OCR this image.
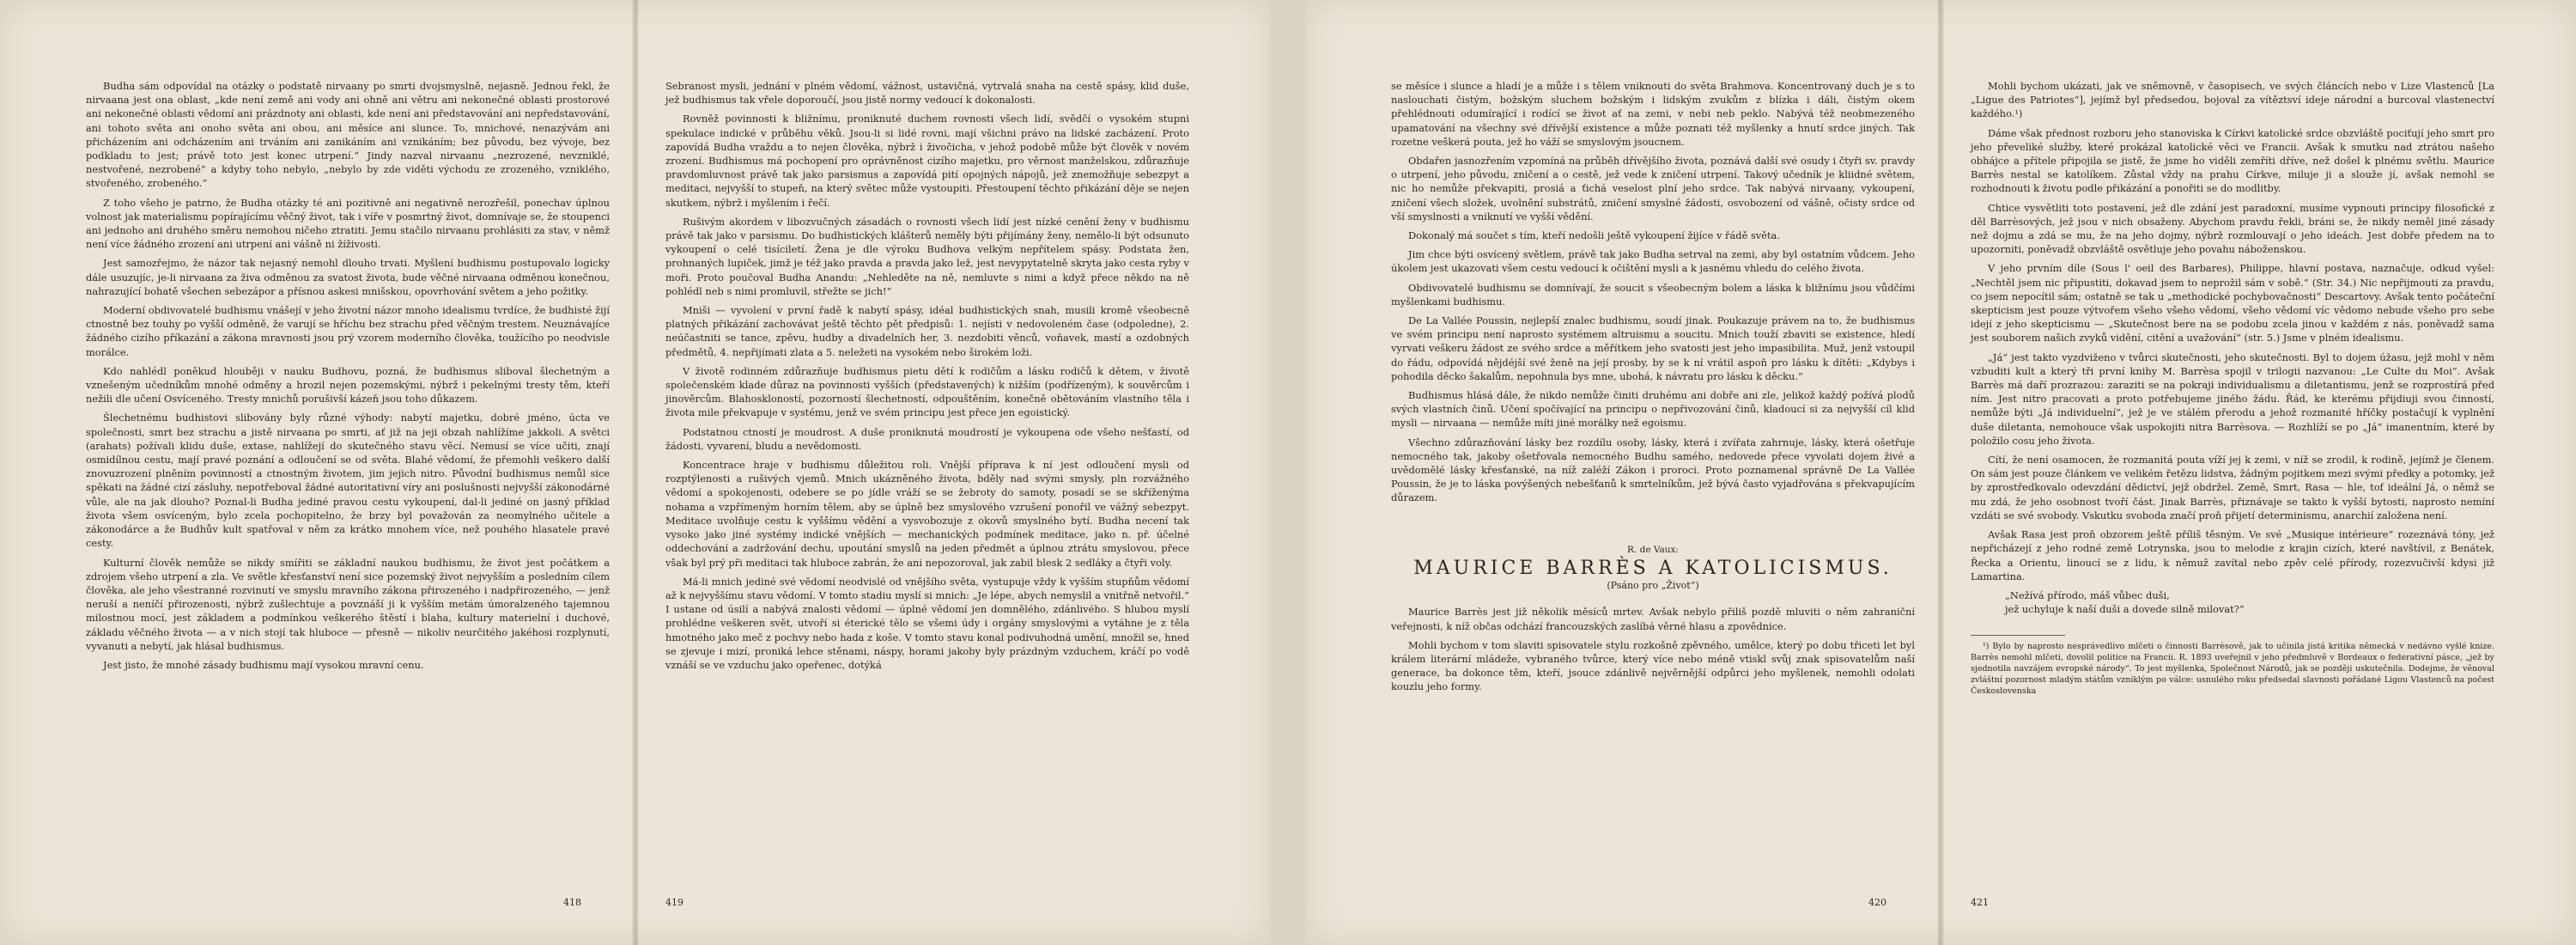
Budha sám odpovídal na otázky o podstatě nirvaany po smrti dvojsmyslně, nejasně. Jednou řekl, že nirvaana jest ona oblast, „kde není země ani vody ani ohně ani větru ani nekonečné oblasti prostorové ani nekonečné oblasti vědomí ani prázdnoty ani oblasti, kde není ani představování ani nepředstavování, ani tohoto světa ani onoho světa ani obou, ani měsíce ani slunce. To, mnichové, nenazývám ani přicházením ani odcházením ani trváním ani zanikáním ani vznikáním; bez původu, bez vývoje, bez podkladu to jest; právě toto jest konec utrpení.“ Jindy nazval nirvaanu „nezrozené, nevzniklé, nestvořené, nezrobené“ a kdyby toho nebylo, „nebylo by zde viděti východu ze zrozeného, vzniklého, stvořeného, zrobeného.“

Z toho všeho je patrno, že Budha otázky té ani pozitivně ani negativně nerozřešil, ponechav úplnou volnost jak materialismu popírajícímu věčný život, tak i víře v posmrtný život, domnívaje se, že stoupenci ani jednoho ani druhého směru nemohou ničeho ztratiti. Jemu stačilo nirvaanu prohlásiti za stav, v němž není více žádného zrození ani utrpení ani vášně ni žíživosti.

Jest samozřejmo, že názor tak nejasný nemohl dlouho trvati. Myšlení budhismu postupovalo logicky dále usuzujíc, je-li nirvaana za živa odměnou za svatost života, bude věčné nirvaana odměnou konečnou, nahrazující bohatě všechen sebezápor a přísnou askesi mnišskou, opovrhování světem a jeho požitky.

Moderní obdivovatelé budhismu vnášejí v jeho životní názor mnoho idealismu tvrdíce, že budhisté žijí ctnostně bez touhy po vyšší odměně, že varují se hříchu bez strachu před věčným trestem. Neuznávajíce žádného cizího příkazání a zákona mravnosti jsou prý vzorem moderního člověka, toužícího po neodvisle morálce.

Kdo nahlédl poněkud hlouběji v nauku Budhovu, pozná, že budhismus sliboval šlechetným a vznešeným učedníkům mnohé odměny a hrozil nejen pozemskými, nýbrž i pekelnými tresty těm, kteří nežili dle učení Osvíceného. Tresty mnichů porušivší kázeň jsou toho důkazem.

Šlechetnému budhistovi slibovány byly různé výhody: nabytí majetku, dobré jméno, úcta ve společnosti, smrt bez strachu a jistě nirvaana po smrti, ať již na jeji obzah nahlížíme jakkoli. A světci (arahats) požívali klidu duše, extase, nahlížejí do skutečného stavu věcí. Nemusí se více učiti, znají osmidílnou cestu, mají pravé poznání a odloučení se od světa. Blahé vědomí, že přemohli veškero další znovuzrození plněním povinností a ctnostným životem, jim jejich nitro. Původní budhismus nemůl sice spěkati na žádné cizí zásluhy, nepotřeboval žádné autoritativní víry ani poslušnosti nejvyšší zákonodárné vůle, ale na jak dlouho? Poznal-li Budha jediné pravou cestu vykoupení, dal-li jediné on jasný příklad života všem osvíceným, bylo zcela pochopitelno, že brzy byl považován za neomylného učitele a zákonodárce a že Budhův kult spatřoval v něm za krátko mnohem více, než pouhého hlasatele pravé cesty.

Kulturní člověk nemůže se nikdy smířiti se základní naukou budhismu, že život jest počátkem a zdrojem všeho utrpení a zla. Ve světle křesťanství není sice pozemský život nejvyšším a posledním cílem člověka, ale jeho všestranné rozvinutí ve smyslu mravního zákona přirozeného i nadpřirozeného, — jenž neruší a neníčí přirozenosti, nýbrž zušlechtuje a povznáší ji k vyšším metám úmoralzeného tajemnou milostnou mocí, jest základem a podmínkou veškerého štěstí i blaha, kultury materielní i duchové, základu věčného života — a v nich stojí tak hluboce — přesně — nikoliv neurčitého jakéhosi rozplynutí, vyvanuti a nebytí, jak hlásal budhismus.

Jest jisto, že mnohé zásady budhismu mají vysokou mravní cenu.

418

Sebranost mysli, jednání v plném vědomí, vážnost, ustavičná, vytrvalá snaha na cestě spásy, klid duše, jež budhismus tak vřele doporoučí, jsou jistě normy vedoucí k dokonalosti.

Rovněž povinnosti k bližnímu, proniknuté duchem rovnosti všech lidí, svědčí o vysokém stupni spekulace indické v průběhu věků. Jsou-li si lidé rovni, mají všichni právo na lidské zacházení. Proto zapovídá Budha vraždu a to nejen člověka, nýbrž i živočicha, v jehož podobě může být člověk v novém zrození. Budhismus má pochopení pro oprávněnost cizího majetku, pro věrnost manželskou, zdůrazňuje pravdomluvnost právě tak jako parsismus a zapovídá pití opojných nápojů, jež znemožňuje sebezpyt a meditaci, nejvyšší to stupeň, na který světec může vystoupiti. Přestoupení těchto přikázání děje se nejen skutkem, nýbrž i myšlením i řečí.

Rušivým akordem v libozvučných zásadách o rovnosti všech lidí jest nízké cenění ženy v budhismu právě tak jako v parsismu. Do budhistických klášterů neměly býti přijímány ženy, nemělo-li být odsunuto vykoupení o celé tisíciletí. Žena je dle výroku Budhova velkým nepřítelem spásy. Podstata žen, prohnaných lupiček, jimž je též jako pravda a pravda jako lež, jest nevypytatelně skryta jako cesta ryby v moři. Proto poučoval Budha Anandu: „Nehleděte na ně, nemluvte s nimi a když přece někdo na ně pohlédl neb s nimi promluvil, střežte se jich!“

Mniši — vyvolení v první řadě k nabytí spásy, idéal budhistických snah, musili kromě všeobecně platných přikázání zachovávat ještě těchto pět předpisů: 1. nejísti v nedovoleném čase (odpoledne), 2. neúčastniti se tance, zpěvu, hudby a divadelních her, 3. nezdobiti věnců, voňavek, mastí a ozdobných předmětů, 4. nepřijímati zlata a 5. neležeti na vysokém nebo širokém loži.

V životě rodinném zdůrazňuje budhismus pietu dětí k rodičům a lásku rodičů k dětem, v životě společenském klade důraz na povinnosti vyšších (představených) k nižším (podřízeným), k souvěrcům i jinověrcům. Blahoskloností, pozorností šlechetností, odpouštěním, konečně obětováním vlastního těla i života mile překvapuje v systému, jenž ve svém principu jest přece jen egoistický.

Podstatnou ctností je moudrost. A duše proniknutá moudrostí je vykoupena ode všeho nešťastí, od žádosti, vyvarení, bludu a nevědomosti.

Koncentrace hraje v budhismu důležitou roli. Vnější příprava k ní jest odloučení mysli od rozptýlenosti a rušivých vjemů. Mnich ukázněného života, bděly nad svými smysly, pln rozvážného vědomí a spokojenosti, odebere se po jídle vráží se se žebroty do samoty, posadí se se skříženýma nohama a vzpřímeným horním tělem, aby se úplně bez smyslového vzrušení ponořil ve vážný sebezpyt. Meditace uvolňuje cestu k vyššímu vědění a vysvobozuje z okovů smyslného bytí. Budha necení tak vysoko jako jiné systémy indické vnějších — mechanických podmínek meditace, jako n. př. účelné oddechování a zadržování dechu, upoutání smyslů na jeden předmět a úplnou ztrátu smyslovou, přece však byl prý při meditaci tak hluboce zabrán, že ani nepozoroval, jak zabil blesk 2 sedláky a čtyři voly.

Má-li mnich jediné své vědomí neodvislé od vnějšího světa, vystupuje vždy k vyšším stupňům vědomí až k nejvyššímu stavu vědomí. V tomto stadiu myslí si mnich: „Je lépe, abych nemyslil a vnitřně netvořil.“ I ustane od úsilí a nabývá znalosti vědomí — úplné vědomí jen domnělého, zdánlivého. S hlubou myslí prohlédne veškeren svět, utvoří si éterické tělo se všemi údy i orgány smyslovými a vytáhne je z těla hmotného jako meč z pochvy nebo hada z koše. V tomto stavu konal podivuhodná umění, množil se, hned se zjevuje i mizí, proniká lehce stěnami, náspy, horami jakoby byly prázdným vzduchem, kráčí po vodě vznáší se ve vzduchu jako opeřenec, dotýká

419

se měsíce i slunce a hladí je a může i s tělem vniknouti do světa Brahmova. Koncentrovaný duch je s to naslouchati čistým, božským sluchem božským i lidským zvukům z blízka i dáli, čistým okem přehlédnouti odumírající i rodící se život ať na zemi, v nebi neb peklo. Nabývá též neobmezeného upamatování na všechny své dřívější existence a může poznati též myšlenky a hnutí srdce jiných. Tak rozetne veškerá pouta, jež ho váží se smyslovým jsoucnem.

Obdařen jasnozřením vzpomíná na průběh dřívějšího života, poznává další své osudy i čtyři sv. pravdy o utrpení, jeho původu, zničení a o cestě, jež vede k zničení utrpení. Takový učedník je kliidné světem, nic ho nemůže překvapiti, prosiá a ťichá veselost plní jeho srdce. Tak nabývá nirvaany, vykoupení, zničení všech složek, uvolnění substrátů, zničení smyslné žádosti, osvobození od vášně, očisty srdce od vší smyslnosti a vniknutí ve vyšší vědění.

Dokonalý má součet s tím, kteří nedošli ještě vykoupení žijíce v řádě světa.

Jim chce býti osvícený světlem, právě tak jako Budha setrval na zemi, aby byl ostatním vůdcem. Jeho úkolem jest ukazovati všem cestu vedoucí k očištění mysli a k jasnému vhledu do celého života.

Obdivovatelé budhismu se domnívají, že soucit s všeobecným bolem a láska k bližnímu jsou vůdčími myšlenkami budhismu.

De La Vallée Poussin, nejlepší znalec budhismu, soudí jinak. Poukazuje právem na to, že budhismus ve svém principu není naprosto systémem altruismu a soucitu. Mnich touží zbaviti se existence, hledí vyrvati veškeru žádost ze svého srdce a měřítkem jeho svatosti jest jeho impasibilita. Muž, jenž vstoupil do řádu, odpovídá nějdéjší své ženě na její prosby, by se k ní vrátil aspoň pro lásku k dítěti: „Kdybys i pohodila děcko šakalům, nepohnula bys mne, ubohá, k návratu pro lásku k děcku.“

Budhismus hlásá dále, že nikdo nemůže činiti druhému ani dobře ani zle, jelikož každý požívá plodů svých vlastních činů. Učení spočívající na principu o nepřivozování činů, kladoucí si za nejvyšší cíl klid mysli — nirvaana — nemůže míti jiné morálky než egoismu.

Všechno zdůrazňování lásky bez rozdílu osoby, lásky, která i zvířata zahrnuje, lásky, která ošetřuje nemocného tak, jakoby ošetřovala nemocného Budhu samého, nedovede přece vyvolati dojem živé a uvědomělé lásky křesťanské, na níž zaléží Zákon i proroci. Proto poznamenal správně De La Vallée Poussin, že je to láska povýšených nebešťanů k smrtelníkům, jež bývá často vyjadřována s překvapujícím důrazem.

R. de Vaux:
MAURICE BARRÈS A KATOLICISMUS.
(Psáno pro „Život“)

Maurice Barrès jest již několik měsíců mrtev. Avšak nebylo přiliš pozdě mluviti o něm zahraniční veřejnosti, k níž občas odchází francouzských zaslíbá věrné hlasu a zpovědnice.

Mohli bychom v tom slaviti spisovatele stylu rozkošně zpěvného, umělce, který po dobu třiceti let byl králem literární mládeže, vybraného tvůrce, který více nebo méně vtiskl svůj znak spisovatelům naší generace, ba dokonce těm, kteří, jsouce zdánlivě nejvěrnější odpůrci jeho myšlenek, nemohli odolati kouzlu jeho formy.

420

Mohli bychom ukázati, jak ve sněmovně, v časopisech, ve svých článcích nebo v Lize Vlastenců [La „Ligue des Patriotes“], jejímž byl předsedou, bojoval za vítěztsví ideje národní a burcoval vlastenectví každého.¹)

Dáme však přednost rozboru jeho stanoviska k Církvi katolické srdce obzvláště pociťují jeho smrt pro jeho převeliké služby, které prokázal katolické věci ve Francii. Avšak k smutku nad ztrátou našeho obhájce a přítele připojila se jistě, že jsme ho viděli zemříti dříve, než došel k plnému světlu. Maurice Barrès nestal se katolíkem. Zůstal vždy na prahu Církve, miluje ji a slouže jí, avšak nemohl se rozhodnouti k životu podle přikázání a ponořiti se do modlitby.

Chtice vysvětliti toto postavení, jež dle zdání jest paradoxní, musíme vypnouti principy filosofické z děl Barrèsových, jež jsou v nich obsaženy. Abychom pravdu řekli, bráni se, že nikdy neměl jiné zásady než dojmu a zdá se mu, že na jeho dojmy, nýbrž rozmlouvají o jeho ideách. Jest dobře předem na to upozorniti, poněvadž obzvláště osvětluje jeho povahu náboženskou.

V jeho prvním díle (Sous l' oeil des Barbares), Philippe, hlavní postava, naznačuje, odkud vyšel: „Nechtěl jsem nic připustiti, dokavad jsem to neprožil sám v sobě.“ (Str. 34.) Nic nepřijmouti za pravdu, co jsem nepocítil sám; ostatně se tak u „methodické pochybovačnosti“ Descartovy. Avšak tento počáteční skepticism jest pouze výtvořem všeho všeho vědomí, všeho vědomí víc vědomo nebude všeho pro sebe idejí z jeho skepticismu — „Skutečnost bere na se podobu zcela jinou v každém z nás, poněvadž sama jest souborem našich zvyků vidění, citění a uvažování“ (str. 5.) Jsme v plném idealismu.

„Já“ jest takto vyzdviženo v tvůrci skutečnosti, jeho skutečnosti. Byl to dojem úžasu, jejž mohl v něm vzbuditi kult a který tři první knihy M. Barrèsa spojil v trilogii nazvanou: „Le Culte du Moi“. Avšak Barrès má daří prozrazou: zaraziti se na pokraji individualismu a diletantismu, jenž se rozprostírá před ním. Jest nitro pracovati a proto potřebujeme jiného žádu. Řád, ke kterému přijdiuji svou činností, nemůže býti „Já individuelní“, jež je ve stálém přerodu a jehož rozmanité hříčky postačují k vyplnění duše diletanta, nemohouce však uspokojiti nitra Barrèsova. — Rozhlíží se po „Já“ imanentním, které by položilo cosu jeho života.

Cítí, že není osamocen, že rozmanitá pouta víží jej k zemi, v níž se zrodil, k rodině, jejímž je členem. On sám jest pouze článkem ve velikém řetězu lidstva, žádným pojitkem mezi svými předky a potomky, jež by zprostředkovalo odevzdání dědictví, jejž obdržel. Země, Smrt, Rasa — hle, tof ideální Já, o němž se mu zdá, že jeho osobnost tvoří část. Jinak Barrès, přiznávaje se takto k vyšší bytosti, naprosto nemíní vzdáti se své svobody. Vskutku svoboda značí proň přijetí determinismu, anarchií založena není.

Avšak Rasa jest proň obzorem ještě příliš těsným. Ve své „Musique intérieure“ rozeznává tóny, jež nepřicházejí z jeho rodné země Lotrynska, jsou to melodie z krajin cizích, které navštívil, z Benátek, Řecka a Orientu, linoucí se z lidu, k němuž zavítal nebo zpěv celé přírody, rozezvučivší kdysi již Lamartina.

„Nežívá přírodo, máš vůbec duši,
jež uchyluje k naší duši a dovede silně milovat?“
¹) Bylo by naprosto nesprávedlivo mlčeti o činnosti Barrèsově, jak to učinila jistá kritika německá v nedávno vyšlé knize. Barrès nemohl mlčeti, dovolil politice na Francii. R. 1893 uveřejnil v jeho předmluvě v Bordeaux o federativní pásce, „jež by sjednotila navzájem evropské národy“. To jest myšlenka, Společnost Národů, jak se později uskutečnila. Dodejme, že věnoval zvláštní pozornost mladým státům vzniklým po válce: usnulého roku předsedal slavnosti pořádané Ligou Vlastenců na počest Československa
421
